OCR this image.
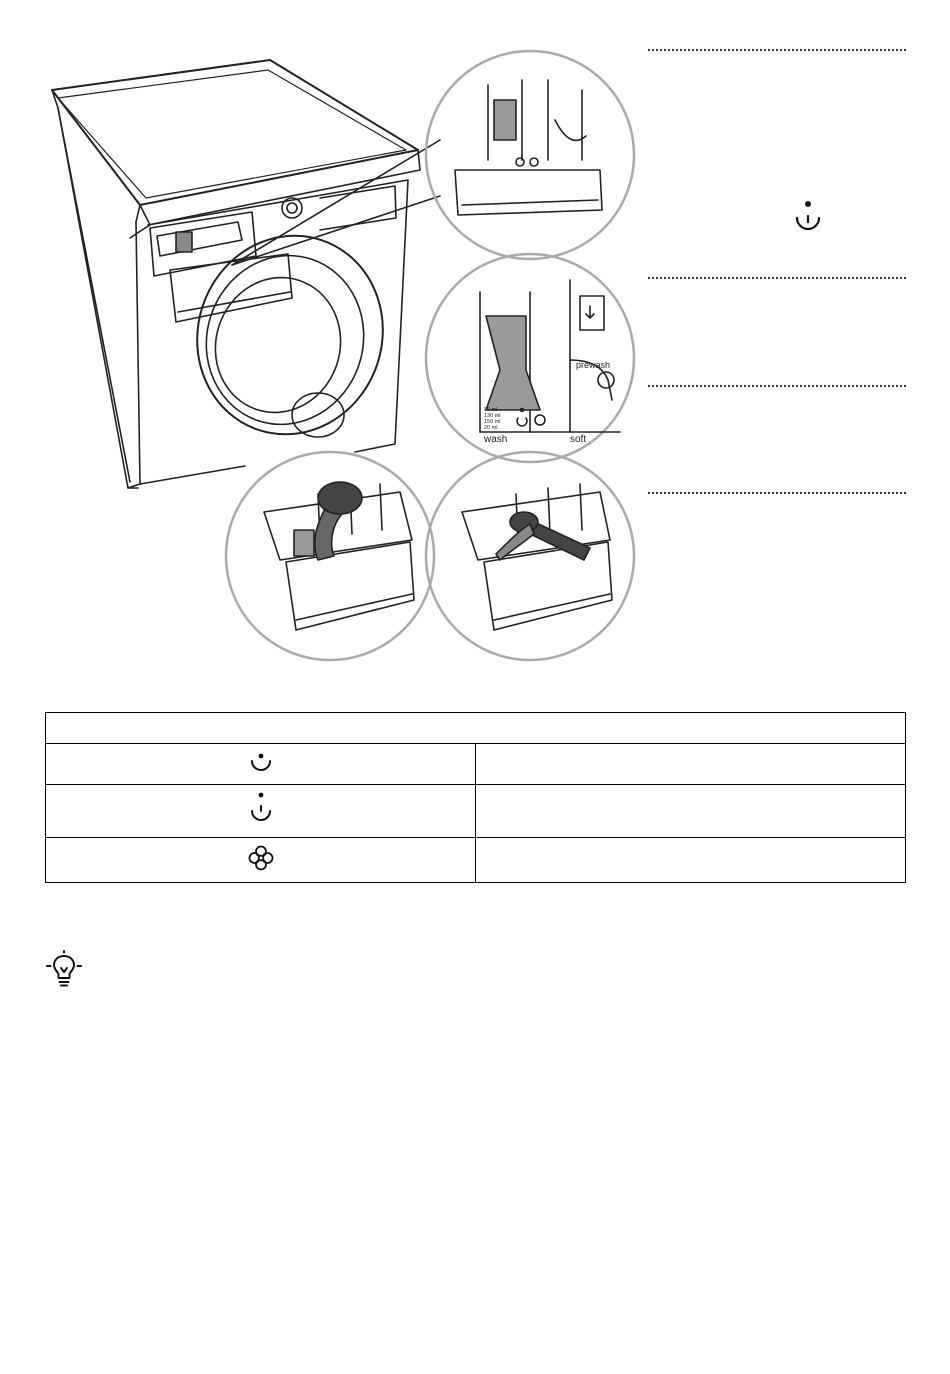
90 ml
130 ml
150 ml
20 ml
wash	soft
prewash
